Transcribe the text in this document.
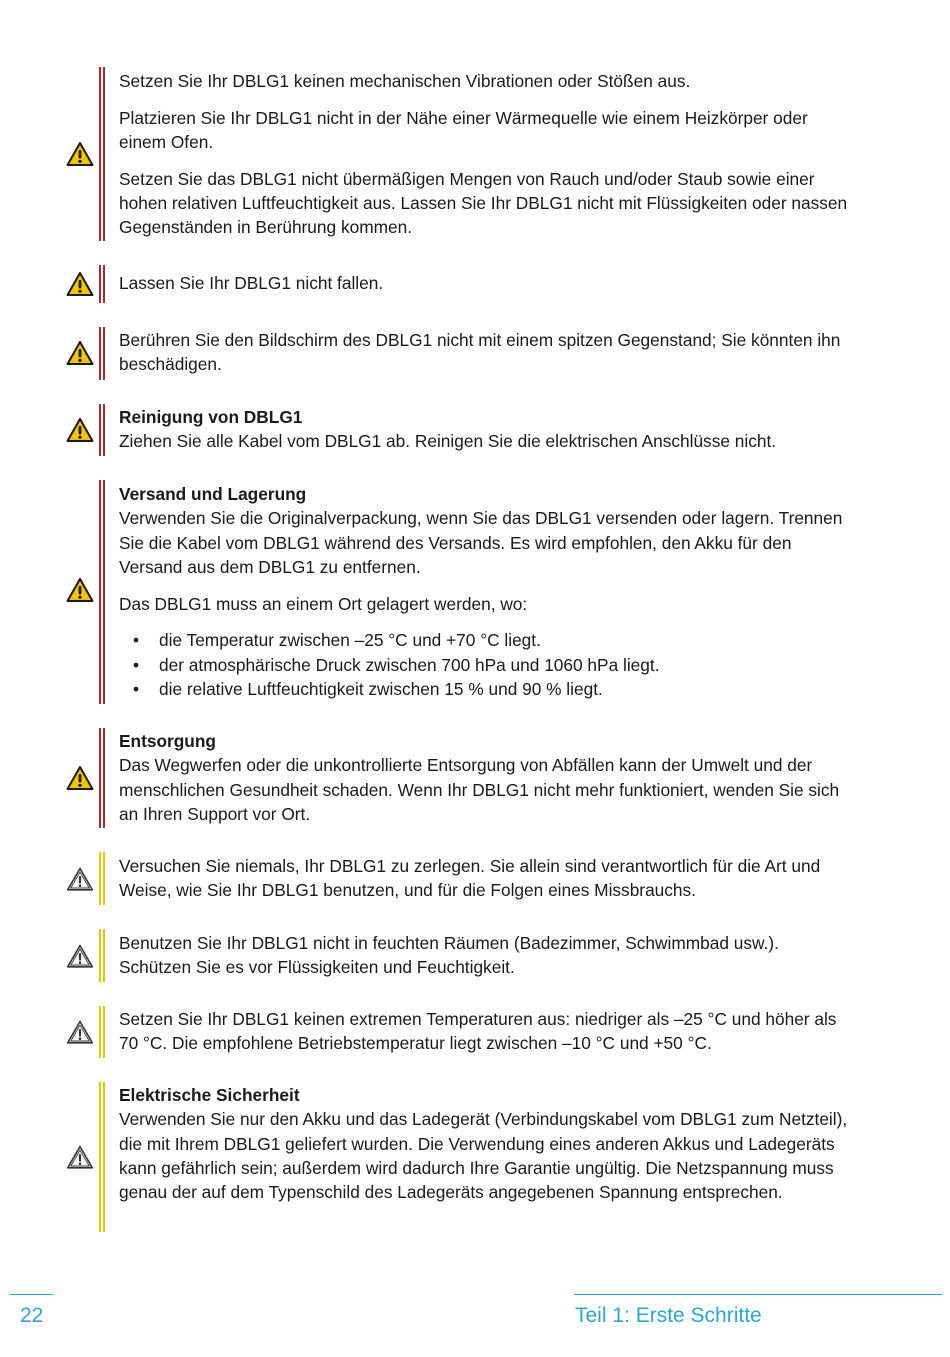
Setzen Sie Ihr DBLG1 keinen mechanischen Vibrationen oder Stößen aus.

Platzieren Sie Ihr DBLG1 nicht in der Nähe einer Wärmequelle wie einem Heizkörper oder einem Ofen.

Setzen Sie das DBLG1 nicht übermäßigen Mengen von Rauch und/oder Staub sowie einer hohen relativen Luftfeuchtigkeit aus. Lassen Sie Ihr DBLG1 nicht mit Flüssigkeiten oder nassen Gegenständen in Berührung kommen.

Lassen Sie Ihr DBLG1 nicht fallen.

Berühren Sie den Bildschirm des DBLG1 nicht mit einem spitzen Gegenstand; Sie könnten ihn beschädigen.

Reinigung von DBLG1

Ziehen Sie alle Kabel vom DBLG1 ab. Reinigen Sie die elektrischen Anschlüsse nicht.

Versand und Lagerung

Verwenden Sie die Originalverpackung, wenn Sie das DBLG1 versenden oder lagern. Trennen Sie die Kabel vom DBLG1 während des Versands. Es wird empfohlen, den Akku für den Versand aus dem DBLG1 zu entfernen.

Das DBLG1 muss an einem Ort gelagert werden, wo:

• die Temperatur zwischen –25 °C und +70 °C liegt.
• der atmosphärische Druck zwischen 700 hPa und 1060 hPa liegt.
• die relative Luftfeuchtigkeit zwischen 15 % und 90 % liegt.
Entsorgung

Das Wegwerfen oder die unkontrollierte Entsorgung von Abfällen kann der Umwelt und der menschlichen Gesundheit schaden. Wenn Ihr DBLG1 nicht mehr funktioniert, wenden Sie sich an Ihren Support vor Ort.

Versuchen Sie niemals, Ihr DBLG1 zu zerlegen. Sie allein sind verantwortlich für die Art und Weise, wie Sie Ihr DBLG1 benutzen, und für die Folgen eines Missbrauchs.

Benutzen Sie Ihr DBLG1 nicht in feuchten Räumen (Badezimmer, Schwimmbad usw.). Schützen Sie es vor Flüssigkeiten und Feuchtigkeit.

Setzen Sie Ihr DBLG1 keinen extremen Temperaturen aus: niedriger als –25 °C und höher als 70 °C. Die empfohlene Betriebstemperatur liegt zwischen –10 °C und +50 °C.

Elektrische Sicherheit

Verwenden Sie nur den Akku und das Ladegerät (Verbindungskabel vom DBLG1 zum Netzteil), die mit Ihrem DBLG1 geliefert wurden. Die Verwendung eines anderen Akkus und Ladegeräts kann gefährlich sein; außerdem wird dadurch Ihre Garantie ungültig. Die Netzspannung muss genau der auf dem Typenschild des Ladegeräts angegebenen Spannung entsprechen.

22	Teil 1: Erste Schritte
